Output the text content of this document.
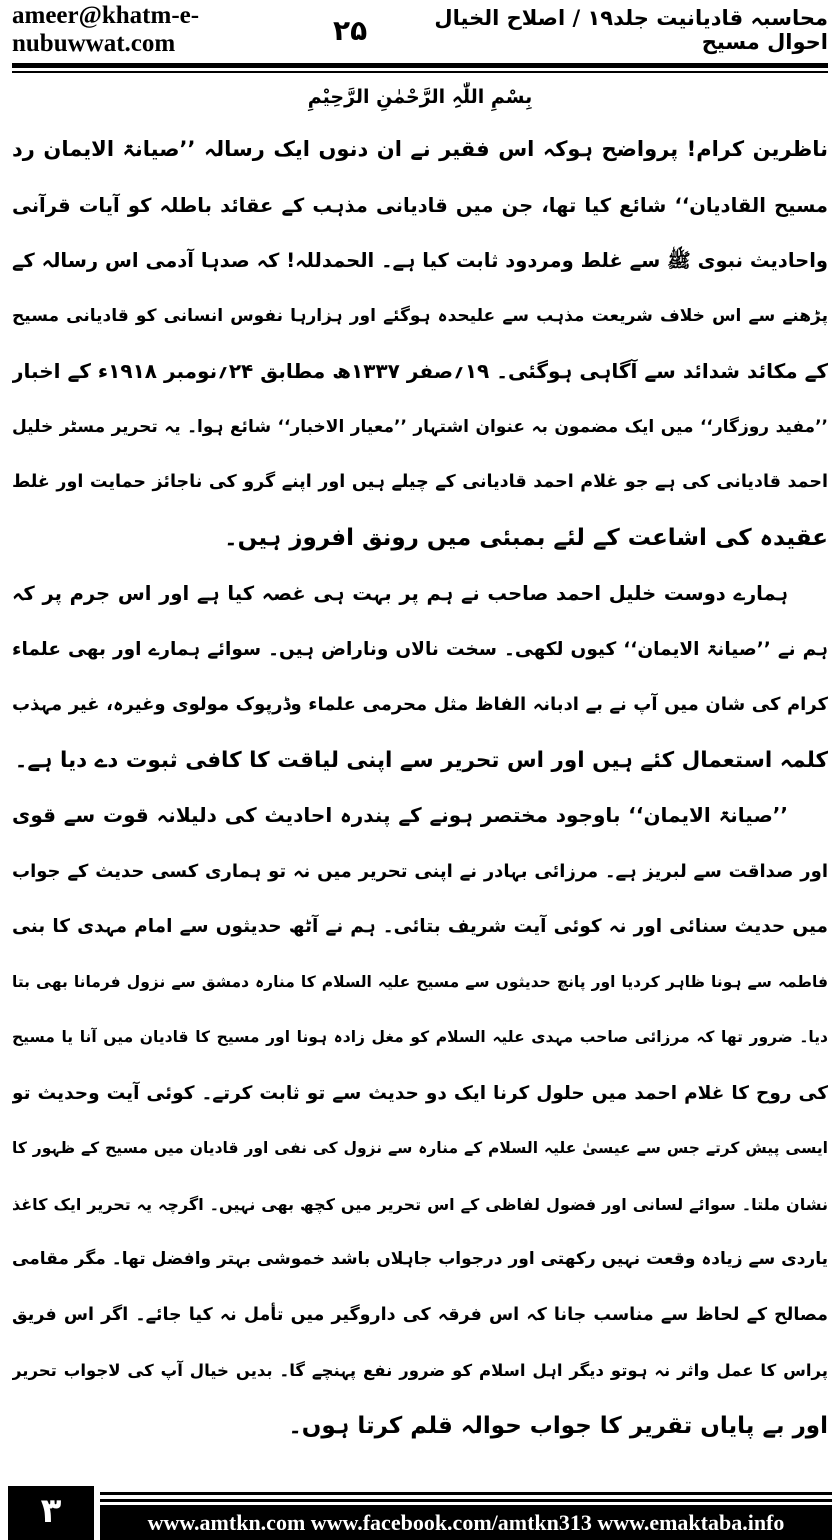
ameer@khatm-e-nubuwwat.com	۲۵	محاسبہ قادیانیت جلد۱۹ / اصلاح الخیال احوال مسیح
بِسْمِ اللّٰہِ الرَّحْمٰنِ الرَّحِیْمِ
ناظرین کرام! پرواضح ہوکہ اس فقیر نے ان دنوں ایک رسالہ ’’صیانۃ الایمان رد
مسیح القادیان‘‘ شائع کیا تھا، جن میں قادیانی مذہب کے عقائد باطلہ کو آیات قرآنی
واحادیث نبوی ﷺ سے غلط ومردود ثابت کیا ہے۔ الحمدللہ! کہ صدہا آدمی اس رسالہ کے
پڑھنے سے اس خلاف شریعت مذہب سے علیحدہ ہوگئے اور ہزارہا نفوس انسانی کو قادیانی مسیح
کے مکائد شدائد سے آگاہی ہوگئی۔ ۱۹؍صفر ۱۳۳۷ھ مطابق ۲۴؍نومبر ۱۹۱۸ء کے اخبار
’’مفید روزگار‘‘ میں ایک مضمون بہ عنوان اشتہار ’’معیار الاخبار‘‘ شائع ہوا۔ یہ تحریر مسٹر خلیل
احمد قادیانی کی ہے جو غلام احمد قادیانی کے چیلے ہیں اور اپنے گرو کی ناجائز حمایت اور غلط
عقیدہ کی اشاعت کے لئے بمبئی میں رونق افروز ہیں۔
ہمارے دوست خلیل احمد صاحب نے ہم پر بہت ہی غصہ کیا ہے اور اس جرم پر کہ
ہم نے ’’صیانۃ الایمان‘‘ کیوں لکھی۔ سخت نالاں وناراض ہیں۔ سوائے ہمارے اور بھی علماء
کرام کی شان میں آپ نے بے ادبانہ الفاظ مثل محرمی علماء وڈرپوک مولوی وغیرہ، غیر مہذب
کلمہ استعمال کئے ہیں اور اس تحریر سے اپنی لیاقت کا کافی ثبوت دے دیا ہے۔
’’صیانۃ الایمان‘‘ باوجود مختصر ہونے کے پندرہ احادیث کی دلیلانہ قوت سے قوی
اور صداقت سے لبریز ہے۔ مرزائی بہادر نے اپنی تحریر میں نہ تو ہماری کسی حدیث کے جواب
میں حدیث سنائی اور نہ کوئی آیت شریف بتائی۔ ہم نے آٹھ حدیثوں سے امام مہدی کا بنی
فاطمہ سے ہونا ظاہر کردیا اور پانچ حدیثوں سے مسیح علیہ السلام کا منارہ دمشق سے نزول فرمانا بھی بتا
دیا۔ ضرور تھا کہ مرزائی صاحب مہدی علیہ السلام کو مغل زادہ ہونا اور مسیح کا قادیان میں آنا یا مسیح
کی روح کا غلام احمد میں حلول کرنا ایک دو حدیث سے تو ثابت کرتے۔ کوئی آیت وحدیث تو
ایسی پیش کرتے جس سے عیسیٰ علیہ السلام کے منارہ سے نزول کی نفی اور قادیان میں مسیح کے ظہور کا
نشان ملتا۔ سوائے لسانی اور فضول لفاظی کے اس تحریر میں کچھ بھی نہیں۔ اگرچہ یہ تحریر ایک کاغذ
یاردی سے زیادہ وقعت نہیں رکھتی اور درجواب جاہلاں باشد خموشی بہتر وافضل تھا۔ مگر مقامی
مصالح کے لحاظ سے مناسب جانا کہ اس فرقہ کی داروگیر میں تأمل نہ کیا جائے۔ اگر اس فریق
پراس کا عمل واثر نہ ہوتو دیگر اہل اسلام کو ضرور نفع پہنچے گا۔ بدیں خیال آپ کی لاجواب تحریر
اور بے پایاں تقریر کا جواب حوالہ قلم کرتا ہوں۔
۳	www.amtkn.com www.facebook.com/amtkn313 www.emaktaba.info
